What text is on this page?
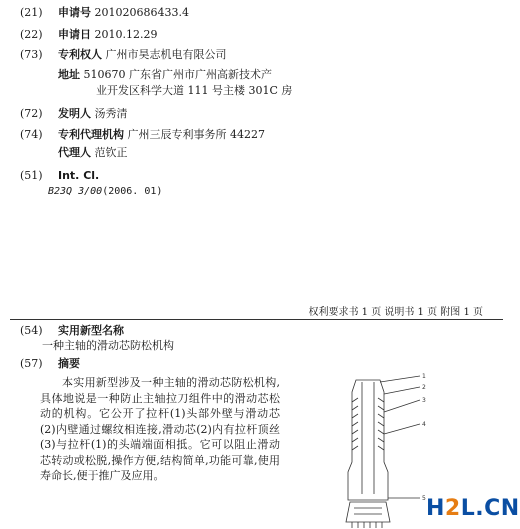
(21) 申请号 201020686433.4
(22) 申请日 2010.12.29
(73) 专利权人 广州市昊志机电有限公司
地址 510670 广东省广州市广州高新技术产
业开发区科学大道 111 号主楼 301C 房
(72) 发明人 汤秀清
(74) 专利代理机构 广州三辰专利事务所 44227
代理人 范钦正
(51) Int. Cl.
B23Q 3/00(2006. 01)
权利要求书 1 页 说明书 1 页 附图 1 页
(54) 实用新型名称
一种主轴的滑动芯防松机构
(57) 摘要

本实用新型涉及一种主轴的滑动芯防松机构,具体地说是一种防止主轴拉刀组件中的滑动芯松动的机构。它公开了拉杆(1)头部外壁与滑动芯(2)内壁通过螺纹相连接,滑动芯(2)内有拉杆顶丝(3)与拉杆(1)的头端端面相抵。它可以阻止滑动芯转动或松脱,操作方便,结构简单,功能可靠,使用寿命长,便于推广及应用。

1
2
3
4
5 H2L.CN
